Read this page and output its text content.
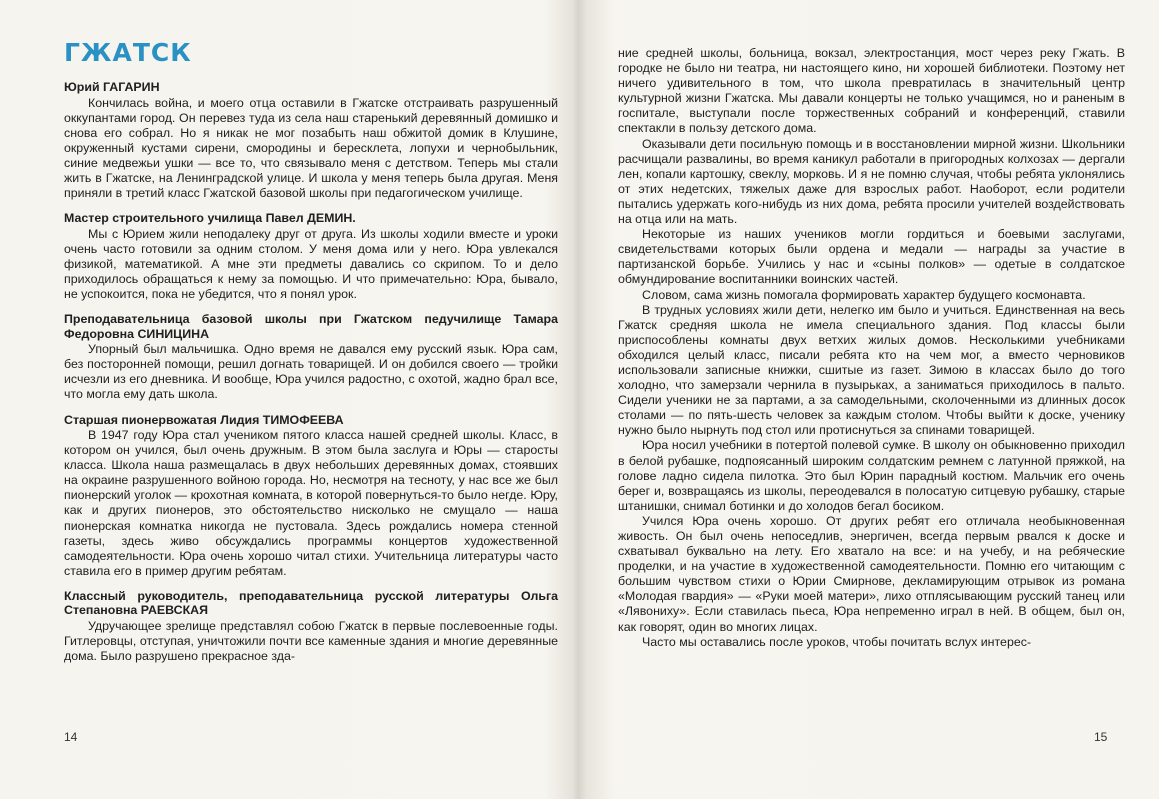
ГЖАТСК
Юрий ГАГАРИН

Кончилась война, и моего отца оставили в Гжатске отстраивать разрушенный оккупантами город. Он перевез туда из села наш старенький деревянный домишко и снова его собрал. Но я никак не мог позабыть наш обжитой домик в Клушине, окруженный кустами сирени, смородины и бересклета, лопухи и чернобыльник, синие медвежьи ушки — все то, что связывало меня с детством. Теперь мы стали жить в Гжатске, на Ленинградской улице. И школа у меня теперь была другая. Меня приняли в третий класс Гжатской базовой школы при педагогическом училище.

Мастер строительного училища Павел ДЕМИН.

Мы с Юрием жили неподалеку друг от друга. Из школы ходили вместе и уроки очень часто готовили за одним столом. У меня дома или у него. Юра увлекался физикой, математикой. А мне эти предметы давались со скрипом. То и дело приходилось обращаться к нему за помощью. И что примечательно: Юра, бывало, не успокоится, пока не убедится, что я понял урок.

Преподавательница базовой школы при Гжатском педучилище Тамара Федоровна СИНИЦИНА

Упорный был мальчишка. Одно время не давался ему русский язык. Юра сам, без посторонней помощи, решил догнать товарищей. И он добился своего — тройки исчезли из его дневника. И вообще, Юра учился радостно, с охотой, жадно брал все, что могла ему дать школа.

Старшая пионервожатая Лидия ТИМОФЕЕВА

В 1947 году Юра стал учеником пятого класса нашей средней школы. Класс, в котором он учился, был очень дружным. В этом была заслуга и Юры — старосты класса. Школа наша размещалась в двух небольших деревянных домах, стоявших на окраине разрушенного войною города. Но, несмотря на тесноту, у нас все же был пионерский уголок — крохотная комната, в которой повернуться-то было негде. Юру, как и других пионеров, это обстоятельство нисколько не смущало — наша пионерская комнатка никогда не пустовала. Здесь рождались номера стенной газеты, здесь живо обсуждались программы концертов художественной самодеятельности. Юра очень хорошо читал стихи. Учительница литературы часто ставила его в пример другим ребятам.

Классный руководитель, преподавательница русской литературы Ольга Степановна РАЕВСКАЯ

Удручающее зрелище представлял собою Гжатск в первые послевоенные годы. Гитлеровцы, отступая, уничтожили почти все каменные здания и многие деревянные дома. Было разрушено прекрасное зда-

14

ние средней школы, больница, вокзал, электростанция, мост через реку Гжать. В городке не было ни театра, ни настоящего кино, ни хорошей библиотеки. Поэтому нет ничего удивительного в том, что школа превратилась в значительный центр культурной жизни Гжатска. Мы давали концерты не только учащимся, но и раненым в госпитале, выступали после торжественных собраний и конференций, ставили спектакли в пользу детского дома.

Оказывали дети посильную помощь и в восстановлении мирной жизни. Школьники расчищали развалины, во время каникул работали в пригородных колхозах — дергали лен, копали картошку, свеклу, морковь. И я не помню случая, чтобы ребята уклонялись от этих недетских, тяжелых даже для взрослых работ. Наоборот, если родители пытались удержать кого-нибудь из них дома, ребята просили учителей воздействовать на отца или на мать.

Некоторые из наших учеников могли гордиться и боевыми заслугами, свидетельствами которых были ордена и медали — награды за участие в партизанской борьбе. Учились у нас и «сыны полков» — одетые в солдатское обмундирование воспитанники воинских частей.

Словом, сама жизнь помогала формировать характер будущего космонавта.

В трудных условиях жили дети, нелегко им было и учиться. Единственная на весь Гжатск средняя школа не имела специального здания. Под классы были приспособлены комнаты двух ветхих жилых домов. Несколькими учебниками обходился целый класс, писали ребята кто на чем мог, а вместо черновиков использовали записные книжки, сшитые из газет. Зимою в классах было до того холодно, что замерзали чернила в пузырьках, а заниматься приходилось в пальто. Сидели ученики не за партами, а за самодельными, сколоченными из длинных досок столами — по пять-шесть человек за каждым столом. Чтобы выйти к доске, ученику нужно было нырнуть под стол или протиснуться за спинами товарищей.

Юра носил учебники в потертой полевой сумке. В школу он обыкновенно приходил в белой рубашке, подпоясанный широким солдатским ремнем с латунной пряжкой, на голове ладно сидела пилотка. Это был Юрин парадный костюм. Мальчик его очень берег и, возвращаясь из школы, переодевался в полосатую ситцевую рубашку, старые штанишки, снимал ботинки и до холодов бегал босиком.

Учился Юра очень хорошо. От других ребят его отличала необыкновенная живость. Он был очень непоседлив, энергичен, всегда первым рвался к доске и схватывал буквально на лету. Его хватало на все: и на учебу, и на ребяческие проделки, и на участие в художественной самодеятельности. Помню его читающим с большим чувством стихи о Юрии Смирнове, декламирующим отрывок из романа «Молодая гвардия» — «Руки моей матери», лихо отплясывающим русский танец или «Лявониху». Если ставилась пьеса, Юра непременно играл в ней. В общем, был он, как говорят, один во многих лицах.

Часто мы оставались после уроков, чтобы почитать вслух интерес-

15
